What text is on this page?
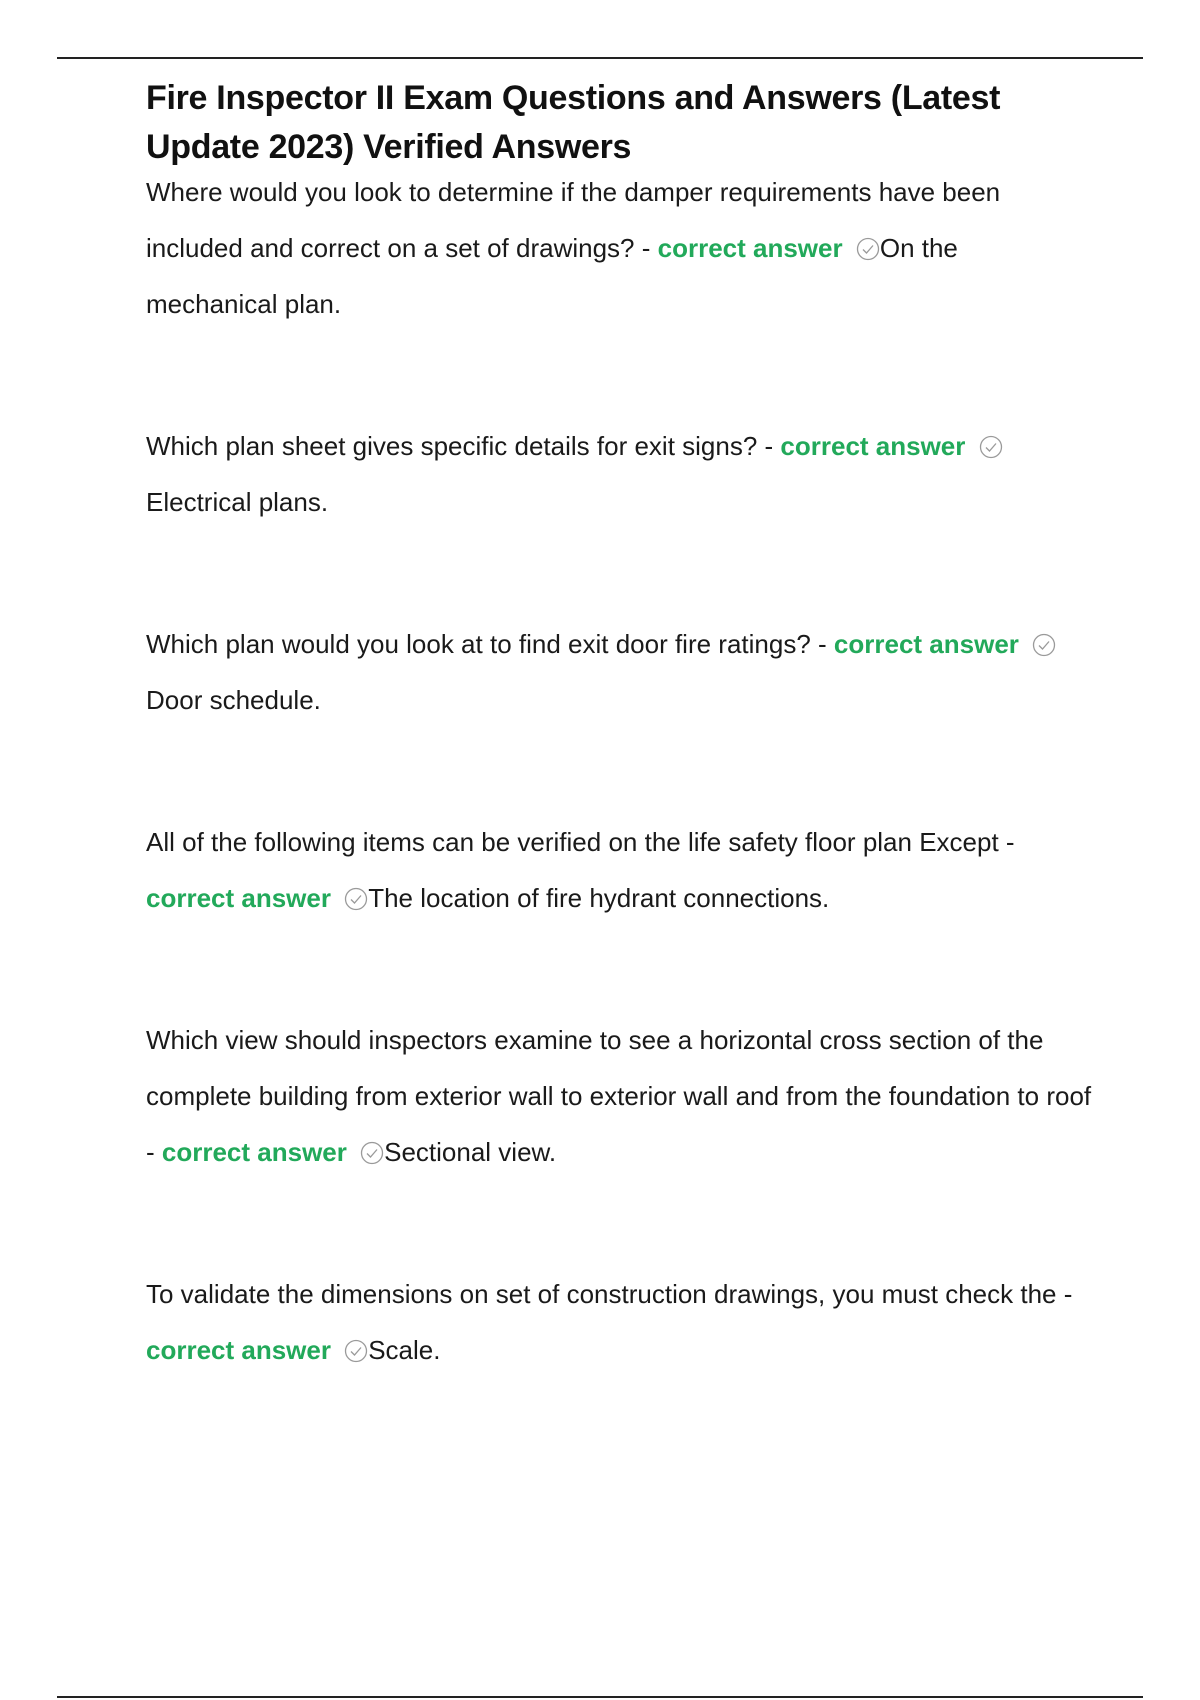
Fire Inspector II Exam Questions and Answers (Latest Update 2023) Verified Answers

Where would you look to determine if the damper requirements have been included and correct on a set of drawings? - correct answer On the mechanical plan.

Which plan sheet gives specific details for exit signs? - correct answer
Electrical plans.

Which plan would you look at to find exit door fire ratings? - correct answer
Door schedule.

All of the following items can be verified on the life safety floor plan Except - correct answer The location of fire hydrant connections.

Which view should inspectors examine to see a horizontal cross section of the complete building from exterior wall to exterior wall and from the foundation to roof - correct answer Sectional view.

To validate the dimensions on set of construction drawings, you must check the - correct answer Scale.
